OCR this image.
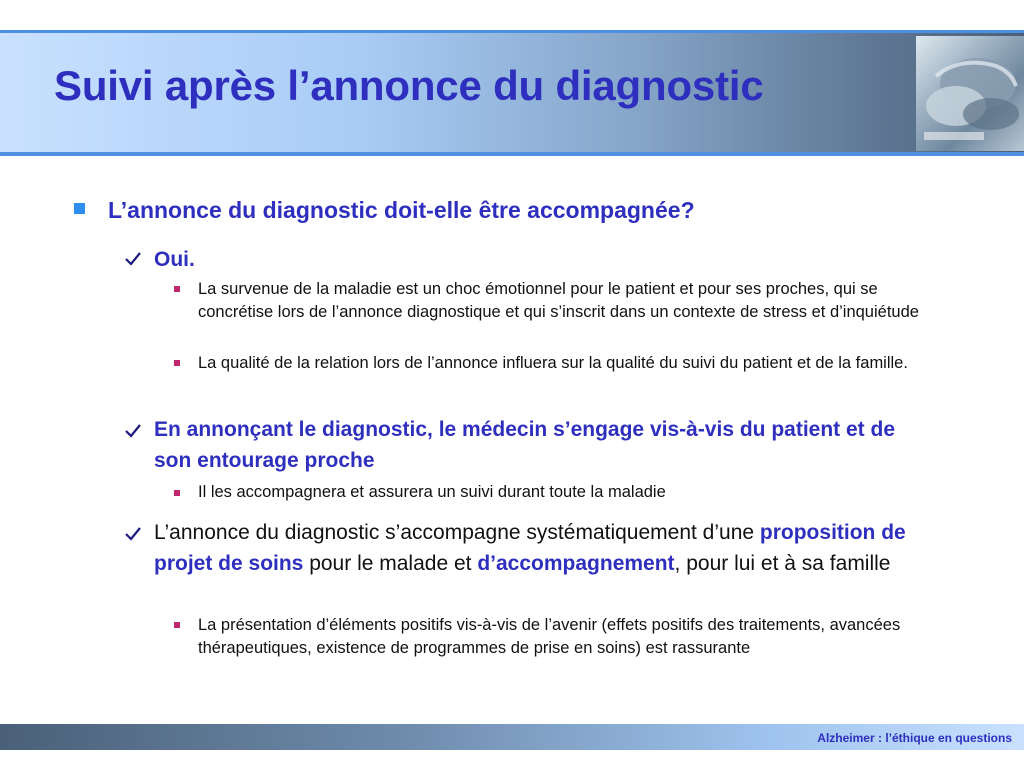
Suivi après l’annonce du diagnostic
L’annonce du diagnostic doit-elle être accompagnée?
Oui.
La survenue de la maladie est un choc émotionnel pour le patient et pour ses proches, qui se concrétise lors de l’annonce diagnostique et qui s’inscrit dans un contexte de stress et d’inquiétude
La qualité de la relation lors de l’annonce influera sur la qualité du suivi du patient et de la famille.
En annonçant le diagnostic, le médecin s’engage vis-à-vis du patient et de son entourage proche
Il les accompagnera et assurera un suivi durant toute la maladie
L’annonce du diagnostic s’accompagne systématiquement d’une proposition de projet de soins pour le malade et d’accompagnement, pour lui et à sa famille
La présentation d’éléments positifs vis-à-vis de l’avenir (effets positifs des traitements, avancées thérapeutiques, existence de programmes de prise en soins) est rassurante
Alzheimer : l’éthique en questions
